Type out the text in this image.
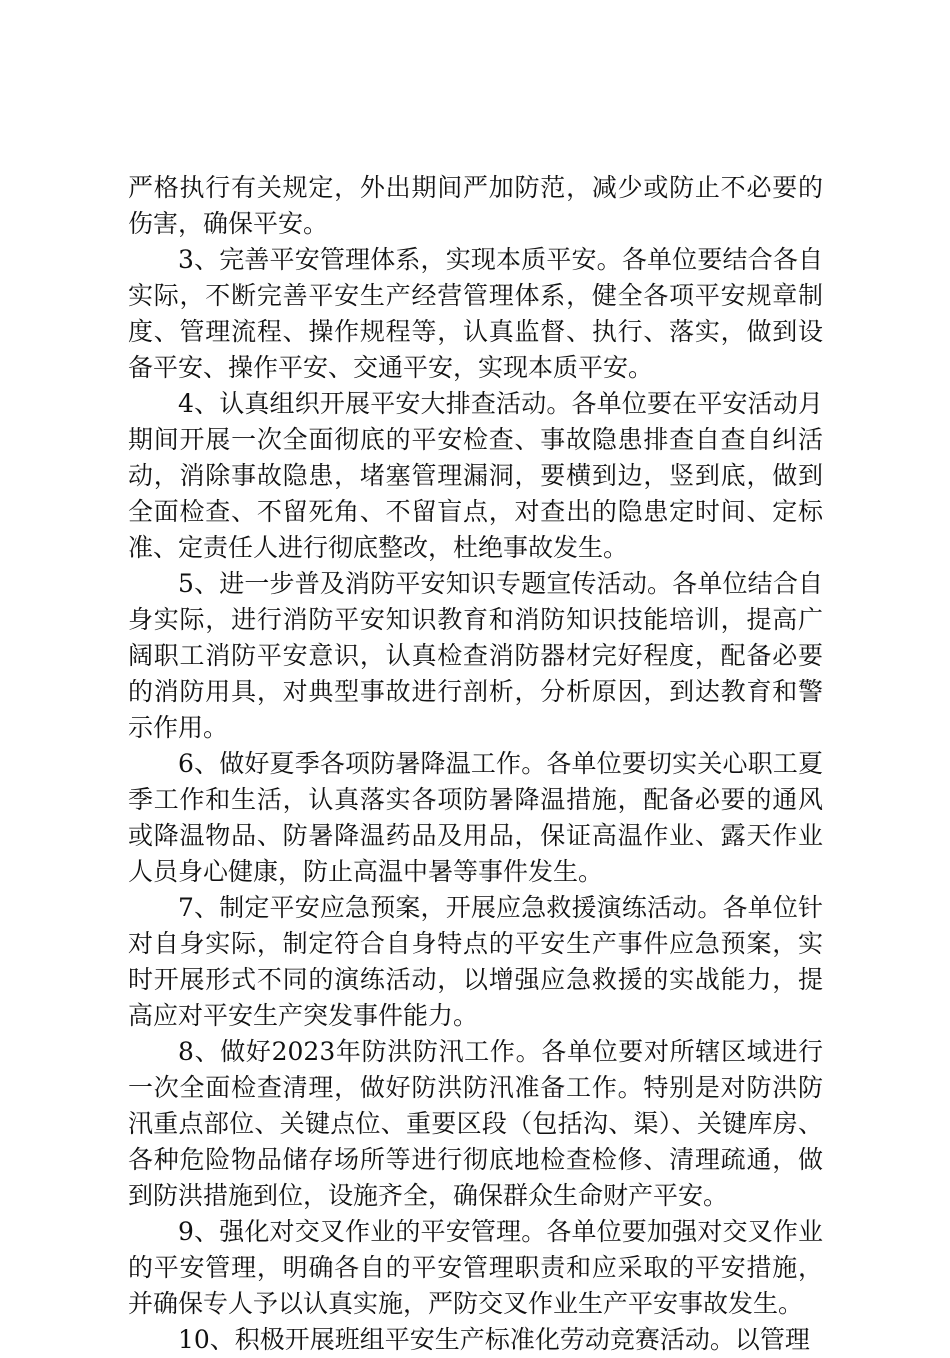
严格执行有关规定，外出期间严加防范，减少或防止不必要的伤害，确保平安。

3、完善平安管理体系，实现本质平安。各单位要结合各自实际，不断完善平安生产经营管理体系，健全各项平安规章制度、管理流程、操作规程等，认真监督、执行、落实，做到设备平安、操作平安、交通平安，实现本质平安。

4、认真组织开展平安大排查活动。各单位要在平安活动月期间开展一次全面彻底的平安检查、事故隐患排查自查自纠活动，消除事故隐患，堵塞管理漏洞，要横到边，竖到底，做到全面检查、不留死角、不留盲点，对查出的隐患定时间、定标准、定责任人进行彻底整改，杜绝事故发生。

5、进一步普及消防平安知识专题宣传活动。各单位结合自身实际，进行消防平安知识教育和消防知识技能培训，提高广阔职工消防平安意识，认真检查消防器材完好程度，配备必要的消防用具，对典型事故进行剖析，分析原因，到达教育和警示作用。

6、做好夏季各项防暑降温工作。各单位要切实关心职工夏季工作和生活，认真落实各项防暑降温措施，配备必要的通风或降温物品、防暑降温药品及用品，保证高温作业、露天作业人员身心健康，防止高温中暑等事件发生。

7、制定平安应急预案，开展应急救援演练活动。各单位针对自身实际，制定符合自身特点的平安生产事件应急预案，实时开展形式不同的演练活动，以增强应急救援的实战能力，提高应对平安生产突发事件能力。

8、做好2023年防洪防汛工作。各单位要对所辖区域进行一次全面检查清理，做好防洪防汛准备工作。特别是对防洪防汛重点部位、关键点位、重要区段（包括沟、渠）、关键库房、各种危险物品储存场所等进行彻底地检查检修、清理疏通，做到防洪措施到位，设施齐全，确保群众生命财产平安。

9、强化对交叉作业的平安管理。各单位要加强对交叉作业的平安管理，明确各自的平安管理职责和应采取的平安措施，并确保专人予以认真实施，严防交叉作业生产平安事故发生。

10、积极开展班组平安生产标准化劳动竞赛活动。以管理
